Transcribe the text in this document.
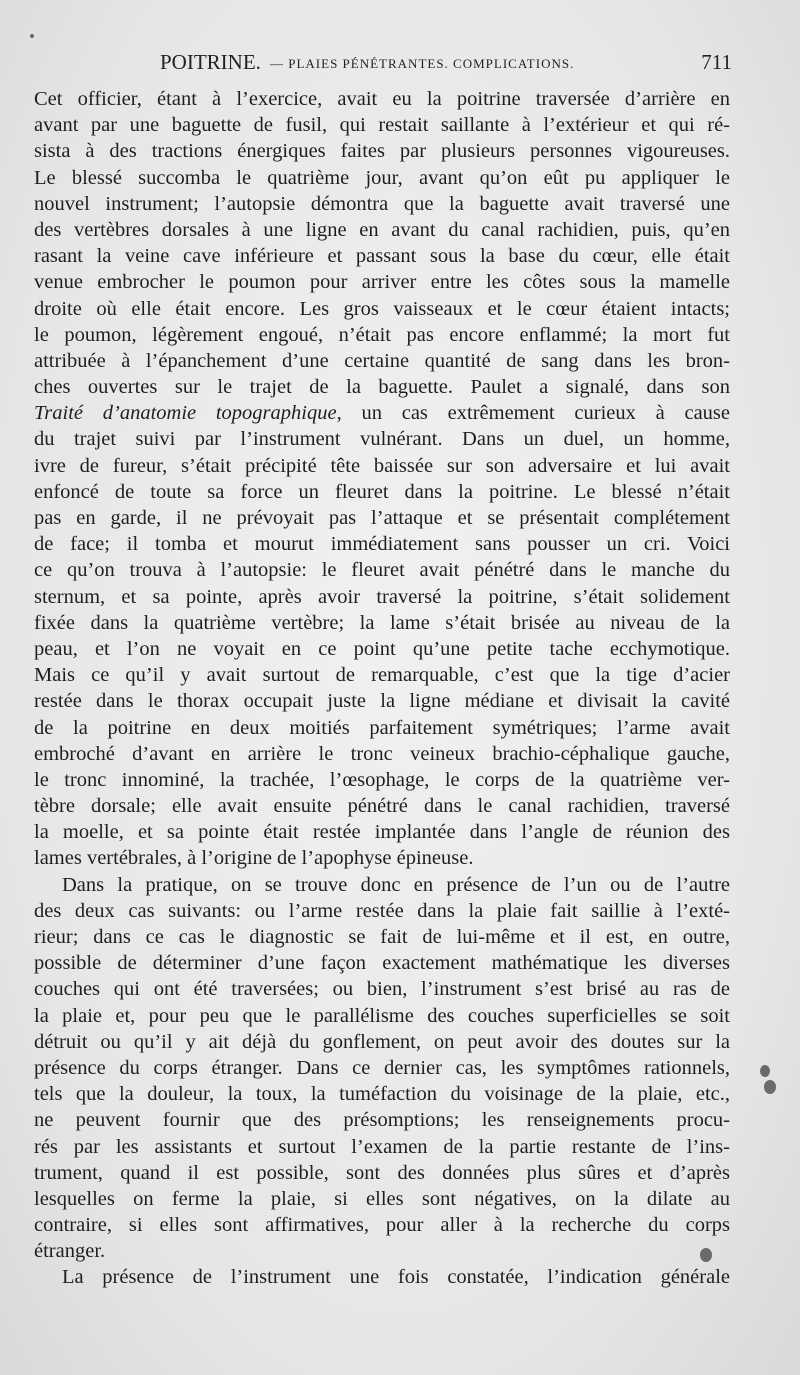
POITRINE. — PLAIES PÉNÉTRANTES. COMPLICATIONS.	711
Cet officier, étant à l’exercice, avait eu la poitrine traversée d’arrière en
avant par une baguette de fusil, qui restait saillante à l’extérieur et qui ré-
sista à des tractions énergiques faites par plusieurs personnes vigoureuses.
Le blessé succomba le quatrième jour, avant qu’on eût pu appliquer le
nouvel instrument; l’autopsie démontra que la baguette avait traversé une
des vertèbres dorsales à une ligne en avant du canal rachidien, puis, qu’en
rasant la veine cave inférieure et passant sous la base du cœur, elle était
venue embrocher le poumon pour arriver entre les côtes sous la mamelle
droite où elle était encore. Les gros vaisseaux et le cœur étaient intacts;
le poumon, légèrement engoué, n’était pas encore enflammé; la mort fut
attribuée à l’épanchement d’une certaine quantité de sang dans les bron-
ches ouvertes sur le trajet de la baguette. Paulet a signalé, dans son
Traité d’anatomie topographique, un cas extrêmement curieux à cause
du trajet suivi par l’instrument vulnérant. Dans un duel, un homme,
ivre de fureur, s’était précipité tête baissée sur son adversaire et lui avait
enfoncé de toute sa force un fleuret dans la poitrine. Le blessé n’était
pas en garde, il ne prévoyait pas l’attaque et se présentait complétement
de face; il tomba et mourut immédiatement sans pousser un cri. Voici
ce qu’on trouva à l’autopsie: le fleuret avait pénétré dans le manche du
sternum, et sa pointe, après avoir traversé la poitrine, s’était solidement
fixée dans la quatrième vertèbre; la lame s’était brisée au niveau de la
peau, et l’on ne voyait en ce point qu’une petite tache ecchymotique.
Mais ce qu’il y avait surtout de remarquable, c’est que la tige d’acier
restée dans le thorax occupait juste la ligne médiane et divisait la cavité
de la poitrine en deux moitiés parfaitement symétriques; l’arme avait
embroché d’avant en arrière le tronc veineux brachio-céphalique gauche,
le tronc innominé, la trachée, l’œsophage, le corps de la quatrième ver-
tèbre dorsale; elle avait ensuite pénétré dans le canal rachidien, traversé
la moelle, et sa pointe était restée implantée dans l’angle de réunion des
lames vertébrales, à l’origine de l’apophyse épineuse.
Dans la pratique, on se trouve donc en présence de l’un ou de l’autre
des deux cas suivants: ou l’arme restée dans la plaie fait saillie à l’exté-
rieur; dans ce cas le diagnostic se fait de lui-même et il est, en outre,
possible de déterminer d’une façon exactement mathématique les diverses
couches qui ont été traversées; ou bien, l’instrument s’est brisé au ras de
la plaie et, pour peu que le parallélisme des couches superficielles se soit
détruit ou qu’il y ait déjà du gonflement, on peut avoir des doutes sur la
présence du corps étranger. Dans ce dernier cas, les symptômes rationnels,
tels que la douleur, la toux, la tuméfaction du voisinage de la plaie, etc.,
ne peuvent fournir que des présomptions; les renseignements procu-
rés par les assistants et surtout l’examen de la partie restante de l’ins-
trument, quand il est possible, sont des données plus sûres et d’après
lesquelles on ferme la plaie, si elles sont négatives, on la dilate au
contraire, si elles sont affirmatives, pour aller à la recherche du corps
étranger.
La présence de l’instrument une fois constatée, l’indication générale
